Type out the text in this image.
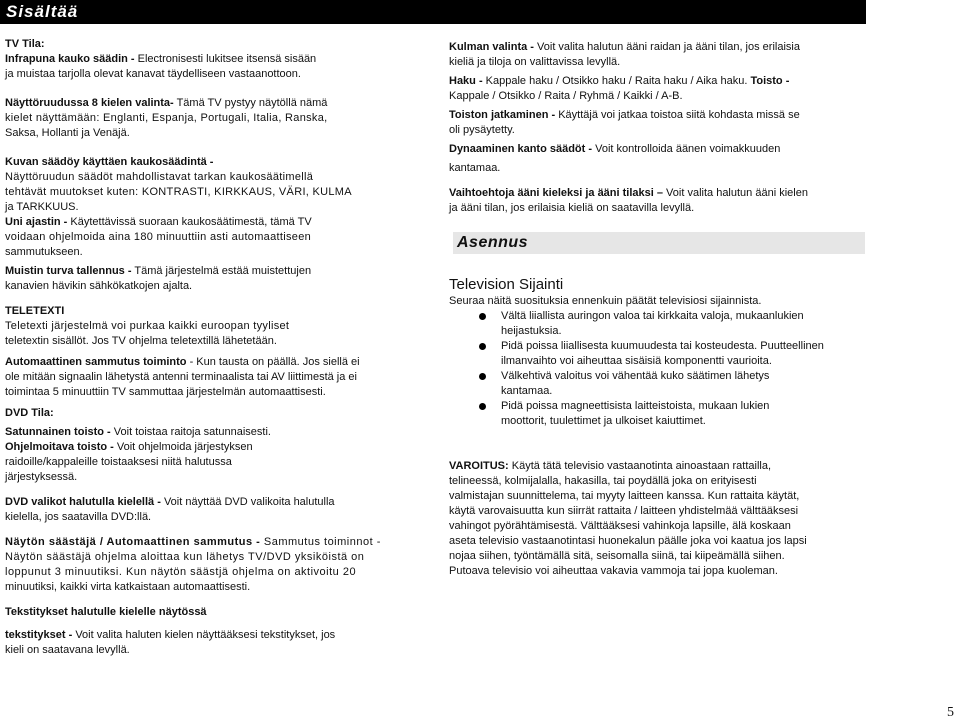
Sisältää

TV Tila:

Infrapuna kauko säädin - Electronisesti lukitsee itsensä sisään

ja muistaa tarjolla olevat kanavat täydelliseen vastaanottoon.

Näyttöruudussa 8 kielen valinta- Tämä TV pystyy näytöllä nämä

kielet näyttämään: Englanti, Espanja, Portugali, Italia, Ranska,

Saksa, Hollanti ja Venäjä.

Kuvan säädöy käyttäen kaukosäädintä -

Näyttöruudun säädöt mahdollistavat tarkan kaukosäätimellä

tehtävät muutokset kuten: KONTRASTI, KIRKKAUS, VÄRI, KULMA

ja TARKKUUS.

Uni ajastin - Käytettävissä suoraan kaukosäätimestä, tämä TV

voidaan ohjelmoida aina 180 minuuttiin asti automaattiseen

sammutukseen.

Muistin turva tallennus - Tämä järjestelmä estää muistettujen

kanavien hävikin sähkökatkojen ajalta.

TELETEXTI

Teletexti järjestelmä voi purkaa kaikki euroopan tyyliset

teletextin sisällöt. Jos TV ohjelma teletextillä lähetetään.

Automaattinen sammutus toiminto - Kun tausta on päällä. Jos siellä ei

ole mitään signaalin lähetystä antenni terminaalista tai AV liittimestä ja ei

toimintaa 5 minuuttiin TV sammuttaa järjestelmän automaattisesti.

DVD Tila:

Satunnainen toisto - Voit toistaa raitoja satunnaisesti.

Ohjelmoitava toisto - Voit ohjelmoida järjestyksen

raidoille/kappaleille toistaaksesi niitä halutussa

järjestyksessä.

DVD valikot halutulla kielellä - Voit näyttää DVD valikoita halutulla

kielella, jos saatavilla DVD:llä.

Näytön säästäjä / Automaattinen sammutus - Sammutus toiminnot -

Näytön säästäjä ohjelma aloittaa kun lähetys TV/DVD yksiköistä on

loppunut 3 minuutiksi. Kun näytön säästjä ohjelma on aktivoitu 20

minuutiksi, kaikki virta katkaistaan automaattisesti.

Tekstitykset halutulle kielelle näytössä

tekstitykset - Voit valita haluten kielen näyttääksesi tekstitykset, jos

kieli on saatavana levyllä.

Kulman valinta - Voit valita halutun ääni raidan ja ääni tilan, jos erilaisia

kieliä ja tiloja on valittavissa levyllä.

Haku - Kappale haku / Otsikko haku / Raita haku / Aika haku. Toisto -

Kappale / Otsikko / Raita / Ryhmä / Kaikki / A-B.

Toiston jatkaminen - Käyttäjä voi jatkaa toistoa siitä kohdasta missä se

oli pysäytetty.

Dynaaminen kanto säädöt - Voit kontrolloida äänen voimakkuuden

kantamaa.

Vaihtoehtoja ääni kieleksi ja ääni tilaksi – Voit valita halutun ääni kielen

ja ääni tilan, jos erilaisia kieliä on saatavilla levyllä.

Asennus

Television Sijainti

Seuraa näitä suosituksia ennenkuin päätät televisiosi sijainnista.

Vältä liiallista auringon valoa tai kirkkaita valoja, mukaanlukien
heijastuksia.
Pidä poissa liiallisesta kuumuudesta tai kosteudesta. Puutteellinen
ilmanvaihto voi aiheuttaa sisäisiä komponentti vaurioita.
Välkehtivä valoitus voi vähentää kuko säätimen lähetys
kantamaa.
Pidä poissa magneettisista laitteistoista, mukaan lukien
moottorit, tuulettimet ja ulkoiset kaiuttimet.

VAROITUS: Käytä tätä televisio vastaanotinta ainoastaan rattailla,

telineessä, kolmijalalla, hakasilla, tai poydällä joka on erityisesti

valmistajan suunnittelema, tai myyty laitteen kanssa. Kun rattaita käytät,

käytä varovaisuutta kun siirrät rattaita / laitteen yhdistelmää välttääksesi

vahingot pyörähtämisestä. Välttääksesi vahinkoja lapsille, älä koskaan

aseta televisio vastaanotintasi huonekalun päälle joka voi kaatua jos lapsi

nojaa siihen, työntämällä sitä, seisomalla siinä, tai kiipeämällä siihen.

Putoava televisio voi aiheuttaa vakavia vammoja tai jopa kuoleman.

5
